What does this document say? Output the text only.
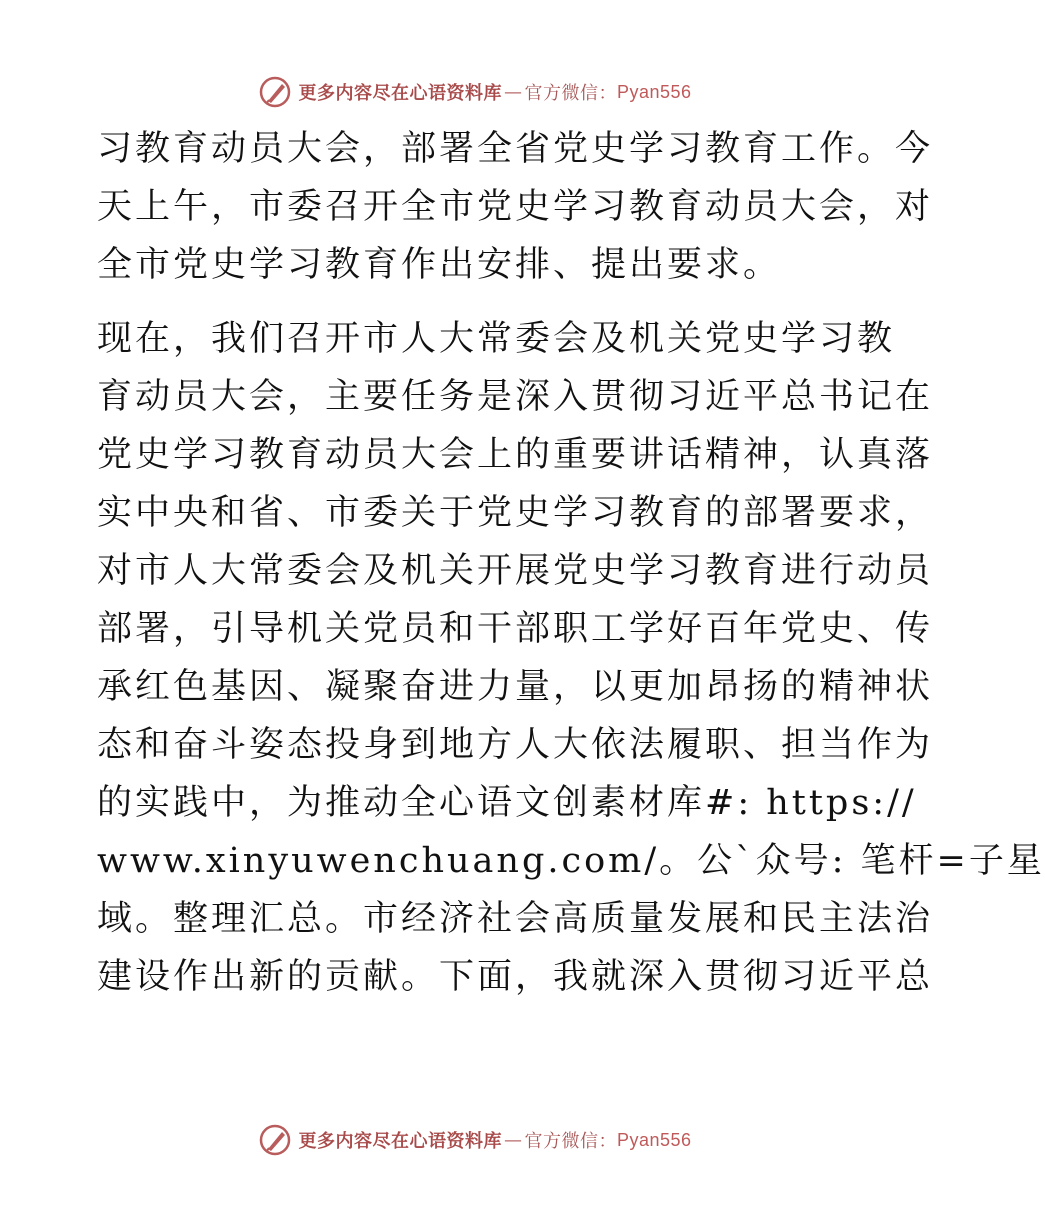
更多内容尽在心语资料库 — 官方微信： Pyan556
习教育动员大会，部署全省党史学习教育工作。今
天上午，市委召开全市党史学习教育动员大会，对
全市党史学习教育作出安排、提出要求。
现在，我们召开市人大常委会及机关党史学习教
育动员大会，主要任务是深入贯彻习近平总书记在
党史学习教育动员大会上的重要讲话精神，认真落
实中央和省、市委关于党史学习教育的部署要求，
对市人大常委会及机关开展党史学习教育进行动员
部署，引导机关党员和干部职工学好百年党史、传
承红色基因、凝聚奋进力量，以更加昂扬的精神状
态和奋斗姿态投身到地方人大依法履职、担当作为
的实践中，为推动全心语文创素材库#: https://
www.xinyuwenchuang.com/。公`众号: 笔杆=子星
域。整理汇总。市经济社会高质量发展和民主法治
建设作出新的贡献。下面，我就深入贯彻习近平总
更多内容尽在心语资料库 — 官方微信： Pyan556
